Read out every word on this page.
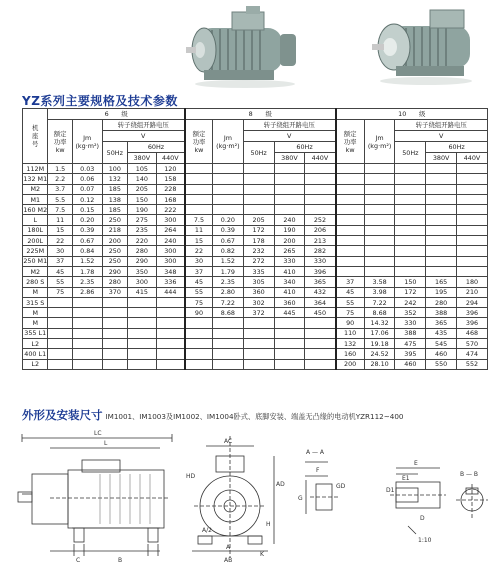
YZ系列主要规格及技术参数
机
座
号	6　　级					8　　级					10　　级				
	额定
功率
kw	Jm
(kg·m²)	转子绕组开路电压			额定
功率
kw	Jm
(kg·m²)	转子绕组开路电压			额定
功率
kw	Jm
(kg·m²)	转子绕组开路电压		
			V					V					V		
			50Hz	60Hz				50Hz	60Hz				50Hz	60Hz	
				380V	440V				380V	440V				380V	440V
112M	1.5	0.03	100	105	120										
132 M1	2.2	0.06	132	140	158										
M2	3.7	0.07	185	205	228										
M1	5.5	0.12	138	150	168										
160 M2	7.5	0.15	185	190	222										
L	11	0.20	250	275	300	7.5	0.20	205	240	252					
180L	15	0.39	218	235	264	11	0.39	172	190	206					
200L	22	0.67	200	220	240	15	0.67	178	200	213					
225M	30	0.84	250	280	300	22	0.82	232	265	282					
250 M1	37	1.52	250	290	300	30	1.52	272	330	330					
M2	45	1.78	290	350	348	37	1.79	335	410	396					
280 S	55	2.35	280	300	336	45	2.35	305	340	365	37	3.58	150	165	180
M	75	2.86	370	415	444	55	2.80	360	410	432	45	3.98	172	195	210
315 S						75	7.22	302	360	364	55	7.22	242	280	294
M						90	8.68	372	445	450	75	8.68	352	388	396
M											90	14.32	330	365	396
355 L1											110	17.06	388	435	468
L2											132	19.18	475	545	570
400 L1											160	24.52	395	460	474
L2											200	28.10	460	550	552
外形及安装尺寸 IM1001、IM1003及IM1002、IM1004卧式、底脚安装、端盖无凸缘的电动机YZR112~400
LC
L
HD
AC
AD
H
A
AB
A/2
K
C	B
A — A
F
GD
G
E
E1
D1
D
1:10
B — B
